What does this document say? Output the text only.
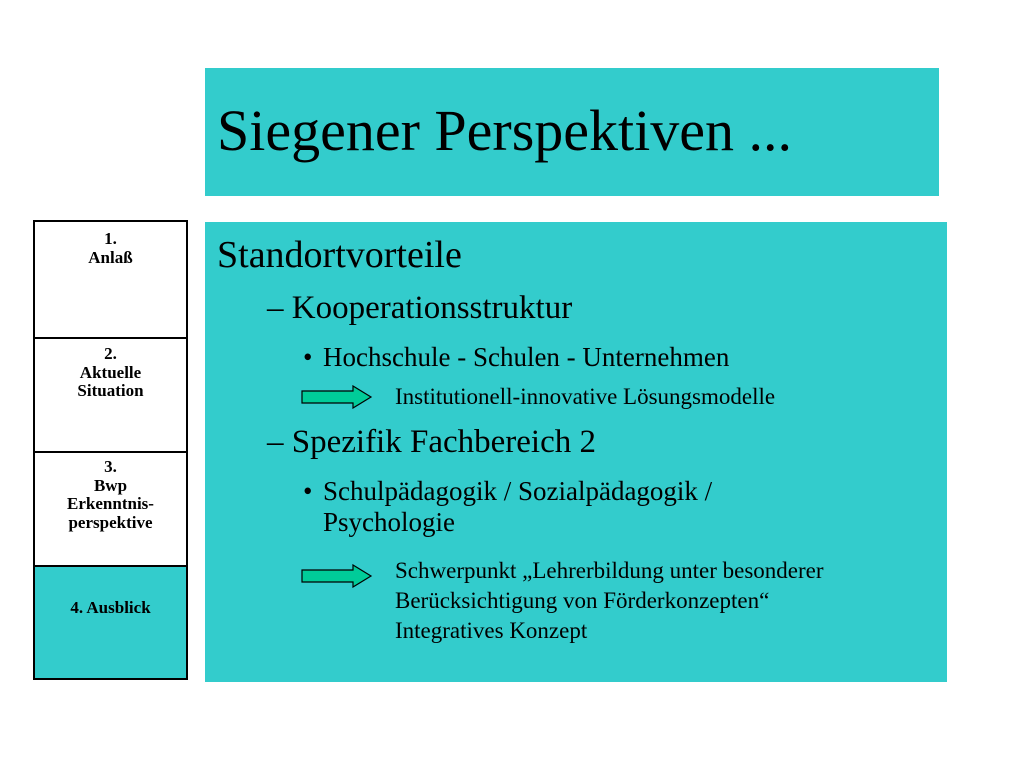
Siegener Perspektiven ...
Standortvorteile
– Kooperationsstruktur
• Hochschule - Schulen - Unternehmen
Institutionell-innovative Lösungsmodelle
– Spezifik Fachbereich 2
• Schulpädagogik / Sozialpädagogik /
Psychologie
Schwerpunkt „Lehrerbildung unter besonderer
Berücksichtigung von Förderkonzepten“
Integratives Konzept
1.
Anlaß
2.
Aktuelle
Situation
3.
Bwp
Erkenntnis-
perspektive
4. Ausblick
